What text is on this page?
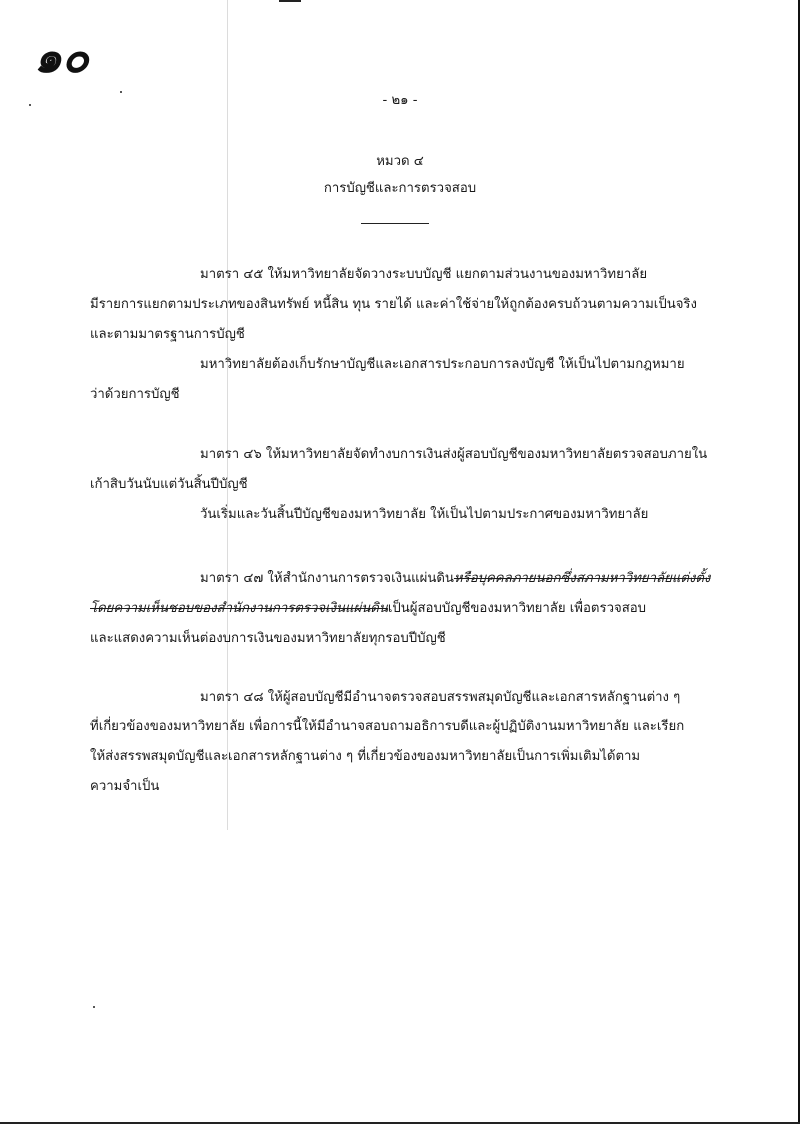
๑๐
- ๒๑ -
หมวด ๔
การบัญชีและการตรวจสอบ
มาตรา ๔๕ ให้มหาวิทยาลัยจัดวางระบบบัญชี แยกตามส่วนงานของมหาวิทยาลัย
มีรายการแยกตามประเภทของสินทรัพย์ หนี้สิน ทุน รายได้ และค่าใช้จ่ายให้ถูกต้องครบถ้วนตามความเป็นจริง
และตามมาตรฐานการบัญชี
มหาวิทยาลัยต้องเก็บรักษาบัญชีและเอกสารประกอบการลงบัญชี ให้เป็นไปตามกฎหมาย
ว่าด้วยการบัญชี
มาตรา ๔๖ ให้มหาวิทยาลัยจัดทำงบการเงินส่งผู้สอบบัญชีของมหาวิทยาลัยตรวจสอบภายใน
เก้าสิบวันนับแต่วันสิ้นปีบัญชี
วันเริ่มและวันสิ้นปีบัญชีของมหาวิทยาลัย ให้เป็นไปตามประกาศของมหาวิทยาลัย
มาตรา ๔๗ ให้สำนักงานการตรวจเงินแผ่นดินหรือบุคคลภายนอกซึ่งสภามหาวิทยาลัยแต่งตั้ง
โดยความเห็นชอบของสำนักงานการตรวจเงินแผ่นดินเป็นผู้สอบบัญชีของมหาวิทยาลัย เพื่อตรวจสอบ
และแสดงความเห็นต่องบการเงินของมหาวิทยาลัยทุกรอบปีบัญชี
มาตรา ๔๘ ให้ผู้สอบบัญชีมีอำนาจตรวจสอบสรรพสมุดบัญชีและเอกสารหลักฐานต่าง ๆ
ที่เกี่ยวข้องของมหาวิทยาลัย เพื่อการนี้ให้มีอำนาจสอบถามอธิการบดีและผู้ปฏิบัติงานมหาวิทยาลัย และเรียก
ให้ส่งสรรพสมุดบัญชีและเอกสารหลักฐานต่าง ๆ ที่เกี่ยวข้องของมหาวิทยาลัยเป็นการเพิ่มเติมได้ตาม
ความจำเป็น
